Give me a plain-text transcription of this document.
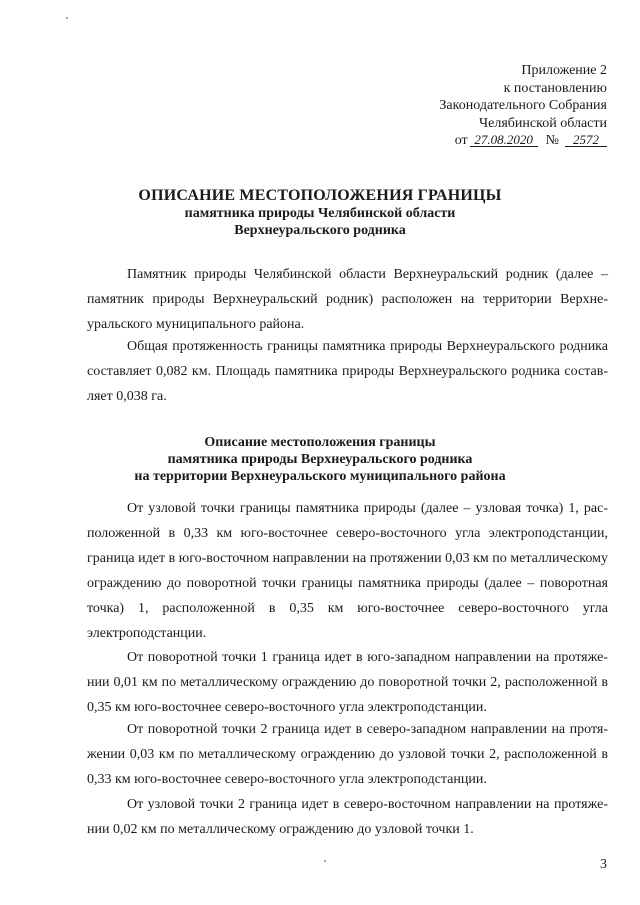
Приложение 2
к постановлению
Законодательного Собрания
Челябинской области
от 27.08.2020 № 2572
ОПИСАНИЕ МЕСТОПОЛОЖЕНИЯ ГРАНИЦЫ
памятника природы Челябинской области
Верхнеуральского родника

Памятник природы Челябинской области Верхнеуральский родник (далее – памятник природы Верхнеуральский родник) расположен на территории Верхнеуральского муниципального района.

Общая протяженность границы памятника природы Верхнеуральского родника составляет 0,082 км. Площадь памятника природы Верхнеуральского родника составляет 0,038 га.

Описание местоположения границы
памятника природы Верхнеуральского родника
на территории Верхнеуральского муниципального района

От узловой точки границы памятника природы (далее – узловая точка) 1, расположенной в 0,33 км юго-восточнее северо-восточного угла электроподстанции, граница идет в юго-восточном направлении на протяжении 0,03 км по металлическому ограждению до поворотной точки границы памятника природы (далее – поворотная точка) 1, расположенной в 0,35 км юго-восточнее северо-восточного угла электроподстанции.

От поворотной точки 1 граница идет в юго-западном направлении на протяжении 0,01 км по металлическому ограждению до поворотной точки 2, расположенной в 0,35 км юго-восточнее северо-восточного угла электроподстанции.

От поворотной точки 2 граница идет в северо-западном направлении на протяжении 0,03 км по металлическому ограждению до узловой точки 2, расположенной в 0,33 км юго-восточнее северо-восточного угла электроподстанции.

От узловой точки 2 граница идет в северо-восточном направлении на протяжении 0,02 км по металлическому ограждению до узловой точки 1.

3
